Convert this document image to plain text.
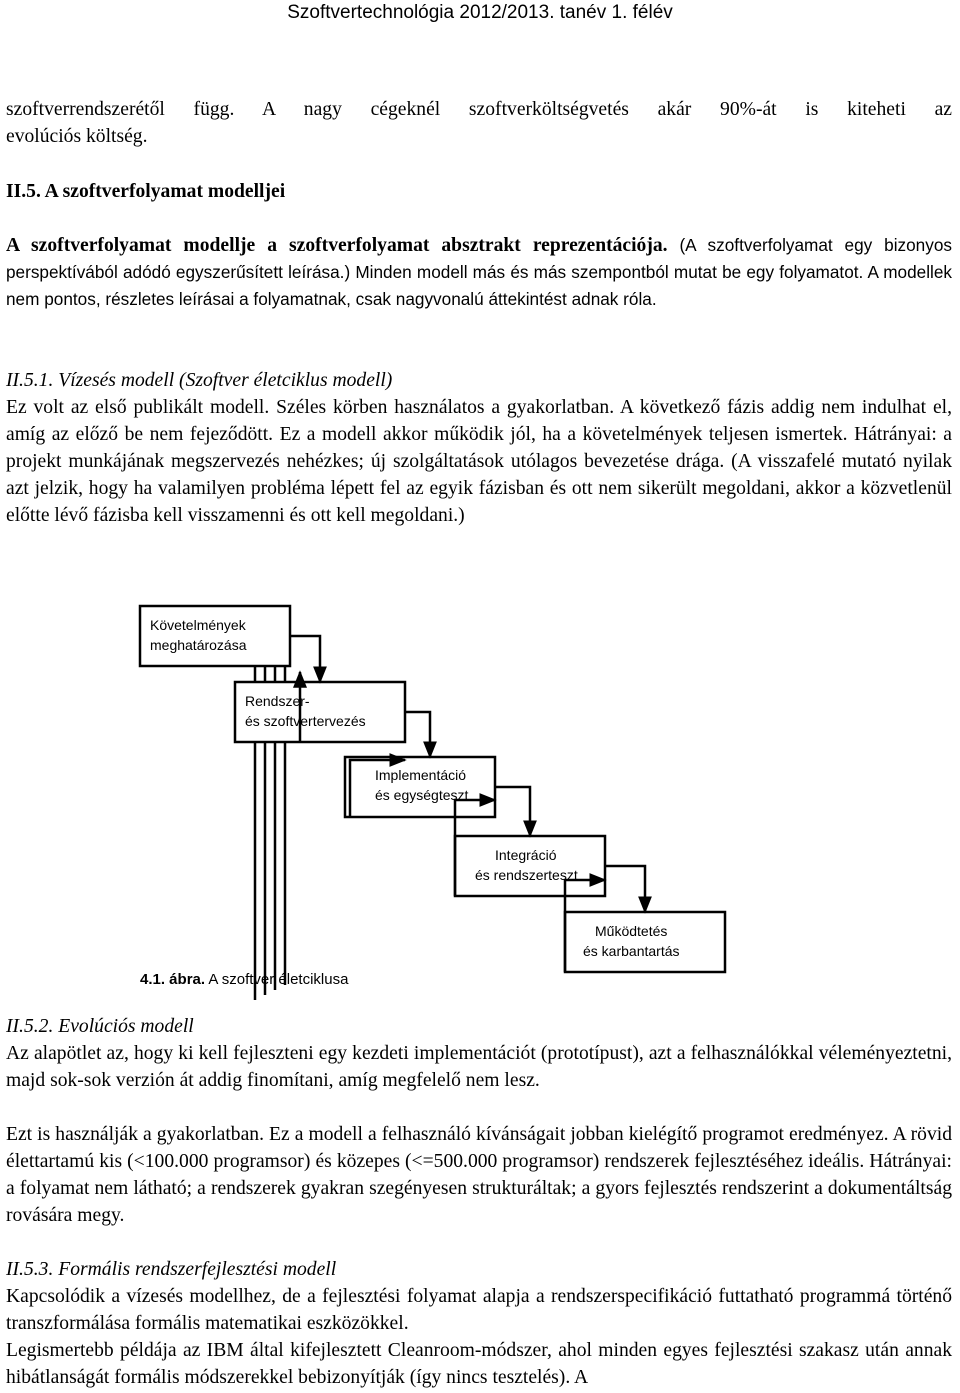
Szoftvertechnológia 2012/2013. tanév 1. félév

szoftverrendszerétől függ. A nagy cégeknél szoftverköltségvetés akár 90%-át is kiteheti az
evolúciós költség.

II.5. A szoftverfolyamat modelljei

A szoftverfolyamat modellje a szoftverfolyamat absztrakt reprezentációja. (A szoftverfolyamat egy bizonyos perspektívából adódó egyszerűsített leírása.) Minden modell más és más szempontból mutat be egy folyamatot. A modellek nem pontos, részletes leírásai a folyamatnak, csak nagyvonalú áttekintést adnak róla.

II.5.1. Vízesés modell (Szoftver életciklus modell)

Ez volt az első publikált modell. Széles körben használatos a gyakorlatban. A következő fázis addig nem indulhat el, amíg az előző be nem fejeződött. Ez a modell akkor működik jól, ha a követelmények teljesen ismertek. Hátrányai: a projekt munkájának megszervezés nehézkes; új szolgáltatások utólagos bevezetése drága. (A visszafelé mutató nyilak azt jelzik, hogy ha valamilyen probléma lépett fel az egyik fázisban és ott nem sikerült megoldani, akkor a közvetlenül előtte lévő fázisba kell visszamenni és ott kell megoldani.)

Követelmények
meghatározása
Rendszer-
és szoftvertervezés
Implementáció
és egységteszt
Integráció
és rendszerteszt
Működtetés
és karbantartás
4.1. ábra. A szoftver életciklusa

II.5.2. Evolúciós modell

Az alapötlet az, hogy ki kell fejleszteni egy kezdeti implementációt (prototípust), azt a felhasználókkal véleményeztetni, majd sok-sok verzión át addig finomítani, amíg megfelelő nem lesz.

Ezt is használják a gyakorlatban. Ez a modell a felhasználó kívánságait jobban kielégítő programot eredményez. A rövid élettartamú kis (<100.000 programsor) és közepes (<=500.000 programsor) rendszerek fejlesztéséhez ideális. Hátrányai: a folyamat nem látható; a rendszerek gyakran szegényesen strukturáltak; a gyors fejlesztés rendszerint a dokumentáltság rovására megy.

II.5.3. Formális rendszerfejlesztési modell

Kapcsolódik a vízesés modellhez, de a fejlesztési folyamat alapja a rendszerspecifikáció futtatható programmá történő transzformálása formális matematikai eszközökkel.

Legismertebb példája az IBM által kifejlesztett Cleanroom-módszer, ahol minden egyes fejlesztési szakasz után annak hibátlanságát formális módszerekkel bebizonyítják (így nincs tesztelés). A
